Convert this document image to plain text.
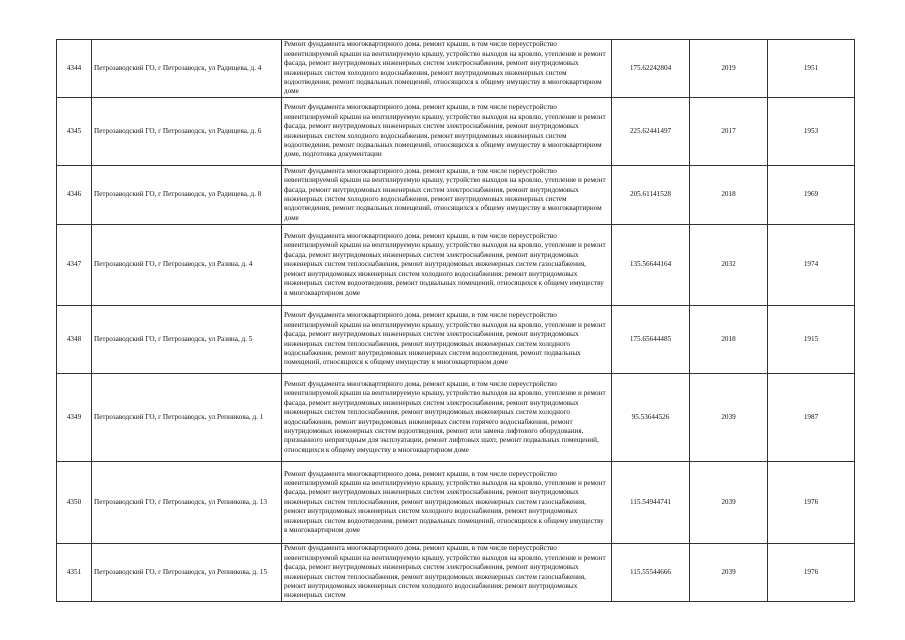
4344	Петрозаводский ГО, г Петрозаводск, ул Радищева, д. 4	Ремонт фундамента многоквартирного дома, ремонт крыши, в том числе переустройство невентилируемой крыши на вентилируемую крышу, устройство выходов на кровлю, утепление и ремонт фасада, ремонт внутридомовых инженерных систем электроснабжения, ремонт внутридомовых инженерных систем холодного водоснабжения, ремонт внутридомовых инженерных систем водоотведения, ремонт подвальных помещений, относящихся к общему имуществу в многоквартирном доме	175.62242804	2019	1951

4345	Петрозаводский ГО, г Петрозаводск, ул Радищева, д. 6	Ремонт фундамента многоквартирного дома, ремонт крыши, в том числе переустройство невентилируемой крыши на вентилируемую крышу, устройство выходов на кровлю, утепление и ремонт фасада, ремонт внутридомовых инженерных систем электроснабжения, ремонт внутридомовых инженерных систем холодного водоснабжения, ремонт внутридомовых инженерных систем водоотведения, ремонт подвальных помещений, относящихся к общему имуществу в многоквартирном доме, подготовка документации	225.62441497	2017	1953

4346	Петрозаводский ГО, г Петрозаводск, ул Радищева, д. 8	Ремонт фундамента многоквартирного дома, ремонт крыши, в том числе переустройство невентилируемой крыши на вентилируемую крышу, устройство выходов на кровлю, утепление и ремонт фасада, ремонт внутридомовых инженерных систем электроснабжения, ремонт внутридомовых инженерных систем холодного водоснабжения, ремонт внутридомовых инженерных систем водоотведения, ремонт подвальных помещений, относящихся к общему имуществу в многоквартирном доме	205.61141528	2018	1969

4347	Петрозаводский ГО, г Петрозаводск, ул Разина, д. 4	Ремонт фундамента многоквартирного дома, ремонт крыши, в том числе переустройство невентилируемой крыши на вентилируемую крышу, устройство выходов на кровлю, утепление и ремонт фасада, ремонт внутридомовых инженерных систем электроснабжения, ремонт внутридомовых инженерных систем теплоснабжения, ремонт внутридомовых инженерных систем газоснабжения, ремонт внутридомовых инженерных систем холодного водоснабжения, ремонт внутридомовых инженерных систем водоотведения, ремонт подвальных помещений, относящихся к общему имуществу в многоквартирном доме	135.56644164	2032	1974

4348	Петрозаводский ГО, г Петрозаводск, ул Разина, д. 5	Ремонт фундамента многоквартирного дома, ремонт крыши, в том числе переустройство невентилируемой крыши на вентилируемую крышу, устройство выходов на кровлю, утепление и ремонт фасада, ремонт внутридомовых инженерных систем электроснабжения, ремонт внутридомовых инженерных систем теплоснабжения, ремонт внутридомовых инженерных систем холодного водоснабжения, ремонт внутридомовых инженерных систем водоотведения, ремонт подвальных помещений, относящихся к общему имуществу в многоквартирном доме	175.65644485	2018	1915

4349	Петрозаводский ГО, г Петрозаводск, ул Репникова, д. 1	Ремонт фундамента многоквартирного дома, ремонт крыши, в том числе переустройство невентилируемой крыши на вентилируемую крышу, устройство выходов на кровлю, утепление и ремонт фасада, ремонт внутридомовых инженерных систем электроснабжения, ремонт внутридомовых инженерных систем теплоснабжения, ремонт внутридомовых инженерных систем холодного водоснабжения, ремонт внутридомовых инженерных систем горячего водоснабжения, ремонт внутридомовых инженерных систем водоотведения, ремонт или замена лифтового оборудования, признанного непригодным для эксплуатации, ремонт лифтовых шахт, ремонт подвальных помещений, относящихся к общему имуществу в многоквартирном доме	95.53644526	2039	1987

4350	Петрозаводский ГО, г Петрозаводск, ул Репникова, д. 13	Ремонт фундамента многоквартирного дома, ремонт крыши, в том числе переустройство невентилируемой крыши на вентилируемую крышу, устройство выходов на кровлю, утепление и ремонт фасада, ремонт внутридомовых инженерных систем электроснабжения, ремонт внутридомовых инженерных систем теплоснабжения, ремонт внутридомовых инженерных систем газоснабжения, ремонт внутридомовых инженерных систем холодного водоснабжения, ремонт внутридомовых инженерных систем водоотведения, ремонт подвальных помещений, относящихся к общему имуществу в многоквартирном доме	115.54944741	2039	1976

4351	Петрозаводский ГО, г Петрозаводск, ул Репникова, д. 15	Ремонт фундамента многоквартирного дома, ремонт крыши, в том числе переустройство невентилируемой крыши на вентилируемую крышу, устройство выходов на кровлю, утепление и ремонт фасада, ремонт внутридомовых инженерных систем электроснабжения, ремонт внутридомовых инженерных систем теплоснабжения, ремонт внутридомовых инженерных систем газоснабжения, ремонт внутридомовых инженерных систем холодного водоснабжения, ремонт внутридомовых инженерных систем	115.55544666	2039	1976
